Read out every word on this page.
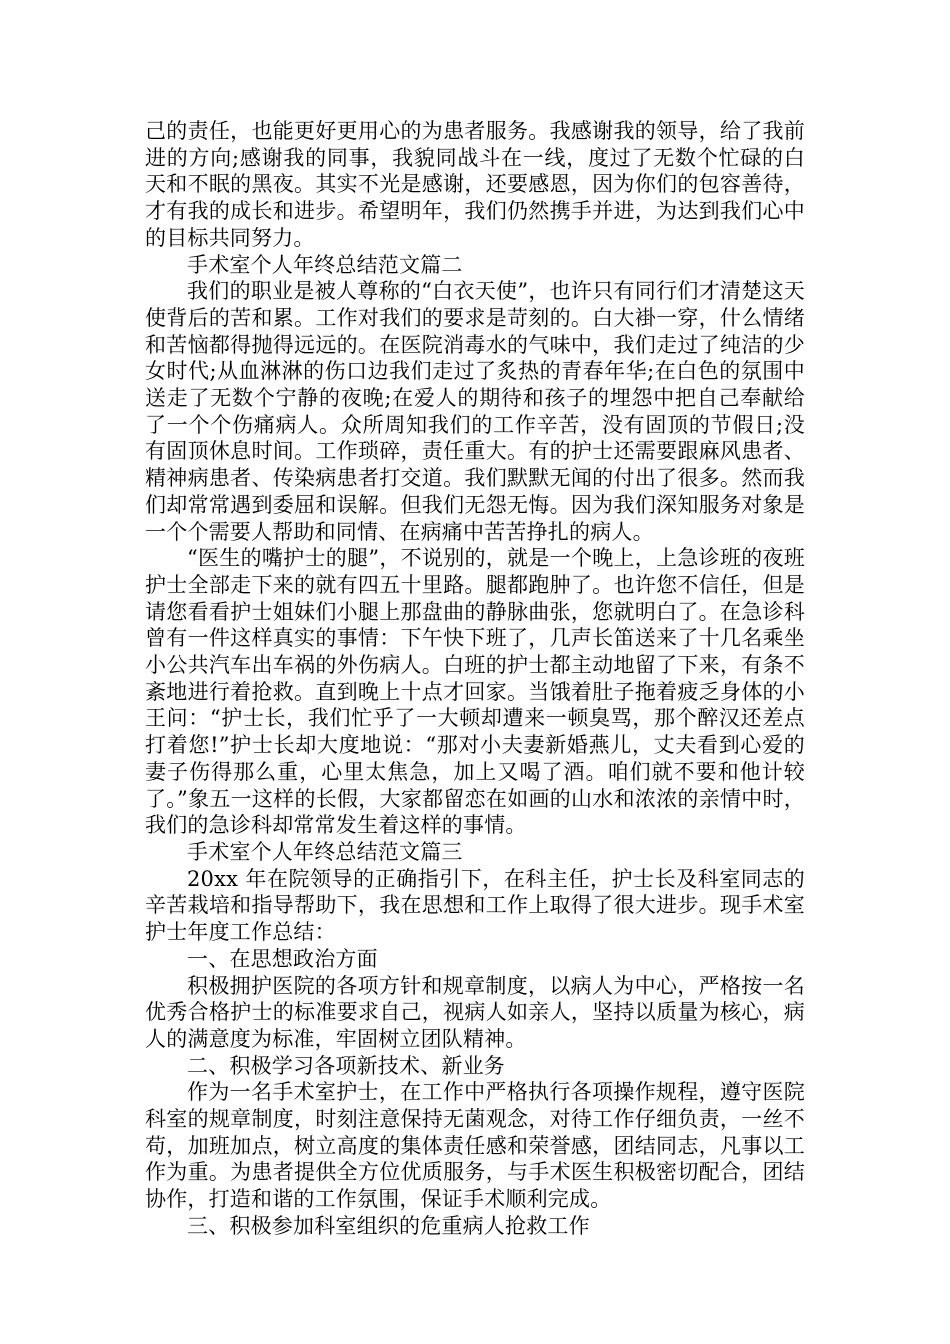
己的责任，也能更好更用心的为患者服务。我感谢我的领导，给了我前进的方向;感谢我的同事，我貌同战斗在一线，度过了无数个忙碌的白天和不眠的黑夜。其实不光是感谢，还要感恩，因为你们的包容善待，才有我的成长和进步。希望明年，我们仍然携手并进，为达到我们心中的目标共同努力。

手术室个人年终总结范文篇二

我们的职业是被人尊称的“白衣天使”，也许只有同行们才清楚这天使背后的苦和累。工作对我们的要求是苛刻的。白大褂一穿，什么情绪和苦恼都得抛得远远的。在医院消毒水的气味中，我们走过了纯洁的少女时代;从血淋淋的伤口边我们走过了炙热的青春年华;在白色的氛围中送走了无数个宁静的夜晚;在爱人的期待和孩子的埋怨中把自己奉献给了一个个伤痛病人。众所周知我们的工作辛苦，没有固顶的节假日;没有固顶休息时间。工作琐碎，责任重大。有的护士还需要跟麻风患者、精神病患者、传染病患者打交道。我们默默无闻的付出了很多。然而我们却常常遇到委屈和误解。但我们无怨无悔。因为我们深知服务对象是一个个需要人帮助和同情、在病痛中苦苦挣扎的病人。

“医生的嘴护士的腿”，不说别的，就是一个晚上，上急诊班的夜班护士全部走下来的就有四五十里路。腿都跑肿了。也许您不信任，但是请您看看护士姐妹们小腿上那盘曲的静脉曲张，您就明白了。在急诊科曾有一件这样真实的事情：下午快下班了，几声长笛送来了十几名乘坐小公共汽车出车祸的外伤病人。白班的护士都主动地留了下来，有条不紊地进行着抢救。直到晚上十点才回家。当饿着肚子拖着疲乏身体的小王问：“护士长，我们忙乎了一大顿却遭来一顿臭骂，那个醉汉还差点打着您!”护士长却大度地说：“那对小夫妻新婚燕儿，丈夫看到心爱的妻子伤得那么重，心里太焦急，加上又喝了酒。咱们就不要和他计较了。”象五一这样的长假，大家都留恋在如画的山水和浓浓的亲情中时，我们的急诊科却常常发生着这样的事情。

手术室个人年终总结范文篇三

20xx 年在院领导的正确指引下，在科主任，护士长及科室同志的辛苦栽培和指导帮助下，我在思想和工作上取得了很大进步。现手术室护士年度工作总结：

一、在思想政治方面

积极拥护医院的各项方针和规章制度，以病人为中心，严格按一名优秀合格护士的标准要求自己，视病人如亲人，坚持以质量为核心，病人的满意度为标准，牢固树立团队精神。

二、积极学习各项新技术、新业务

作为一名手术室护士，在工作中严格执行各项操作规程，遵守医院科室的规章制度，时刻注意保持无菌观念，对待工作仔细负责，一丝不苟，加班加点，树立高度的集体责任感和荣誉感，团结同志，凡事以工作为重。为患者提供全方位优质服务，与手术医生积极密切配合，团结协作，打造和谐的工作氛围，保证手术顺利完成。

三、积极参加科室组织的危重病人抢救工作
